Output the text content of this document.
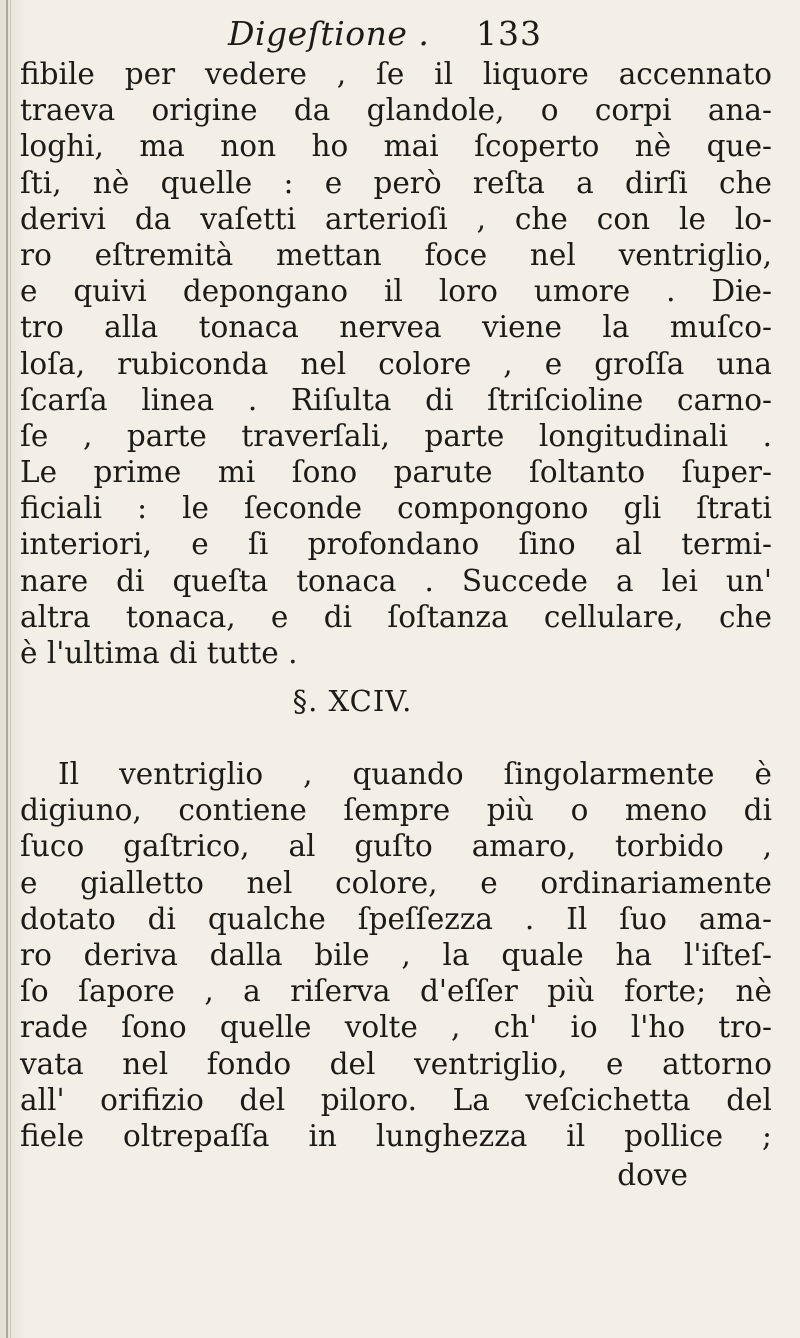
Digeſtione . 133
fibile per vedere , ſe il liquore accennato
traeva origine da glandole, o corpi ana-
loghi, ma non ho mai ſcoperto nè que-
ſti, nè quelle : e però reſta a dirſi che
derivi da vaſetti arterioſi , che con le lo-
ro eſtremità mettan foce nel ventriglio,
e quivi depongano il loro umore . Die-
tro alla tonaca nervea viene la muſco-
loſa, rubiconda nel colore , e groſſa una
ſcarſa linea . Riſulta di ſtriſcioline carno-
ſe , parte traverſali, parte longitudinali .
Le prime mi ſono parute ſoltanto ſuper-
ficiali : le ſeconde compongono gli ſtrati
interiori, e ſi profondano ſino al termi-
nare di queſta tonaca . Succede a lei un'
altra tonaca, e di ſoſtanza cellulare, che
è l'ultima di tutte .
§. XCIV.
Il ventriglio , quando ſingolarmente è
digiuno, contiene ſempre più o meno di
ſuco gaſtrico, al guſto amaro, torbido ,
e gialletto nel colore, e ordinariamente
dotato di qualche ſpeſſezza . Il ſuo ama-
ro deriva dalla bile , la quale ha l'iſteſ-
ſo ſapore , a riſerva d'eſſer più forte; nè
rade ſono quelle volte , ch' io l'ho tro-
vata nel fondo del ventriglio, e attorno
all' orifizio del piloro. La veſcichetta del
fiele oltrepaſſa in lunghezza il pollice ;
dove
